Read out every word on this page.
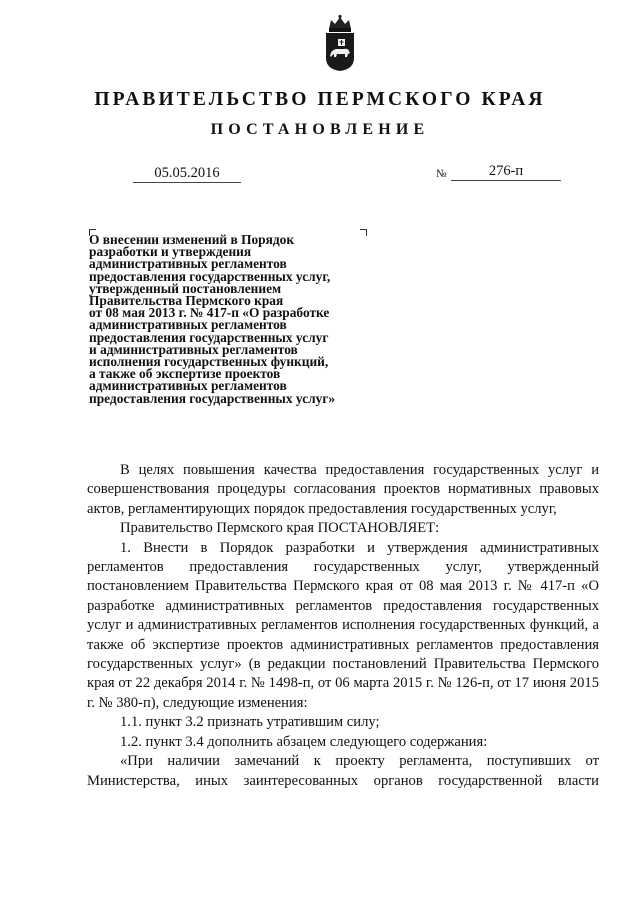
ПРАВИТЕЛЬСТВО ПЕРМСКОГО КРАЯ
ПОСТАНОВЛЕНИЕ
05.05.2016	№	276-п
О внесении изменений в Порядок
разработки и утверждения
административных регламентов
предоставления государственных услуг,
утвержденный постановлением
Правительства Пермского края
от 08 мая 2013 г. № 417-п «О разработке
административных регламентов
предоставления государственных услуг
и административных регламентов
исполнения государственных функций,
а также об экспертизе проектов
административных регламентов
предоставления государственных услуг»

В целях повышения качества предоставления государственных услуг и совершенствования процедуры согласования проектов нормативных правовых актов, регламентирующих порядок предоставления государственных услуг,

Правительство Пермского края ПОСТАНОВЛЯЕТ:

1. Внести в Порядок разработки и утверждения административных регламентов предоставления государственных услуг, утвержденный постановлением Правительства Пермского края от 08 мая 2013 г. № 417-п «О разработке административных регламентов предоставления государственных услуг и административных регламентов исполнения государственных функций, а также об экспертизе проектов административных регламентов предоставления государственных услуг» (в редакции постановлений Правительства Пермского края от 22 декабря 2014 г. № 1498-п, от 06 марта 2015 г. № 126-п, от 17 июня 2015 г. № 380-п), следующие изменения:

1.1. пункт 3.2 признать утратившим силу;

1.2. пункт 3.4 дополнить абзацем следующего содержания:

«При наличии замечаний к проекту регламента, поступивших от Министерства, иных заинтересованных органов государственной власти
